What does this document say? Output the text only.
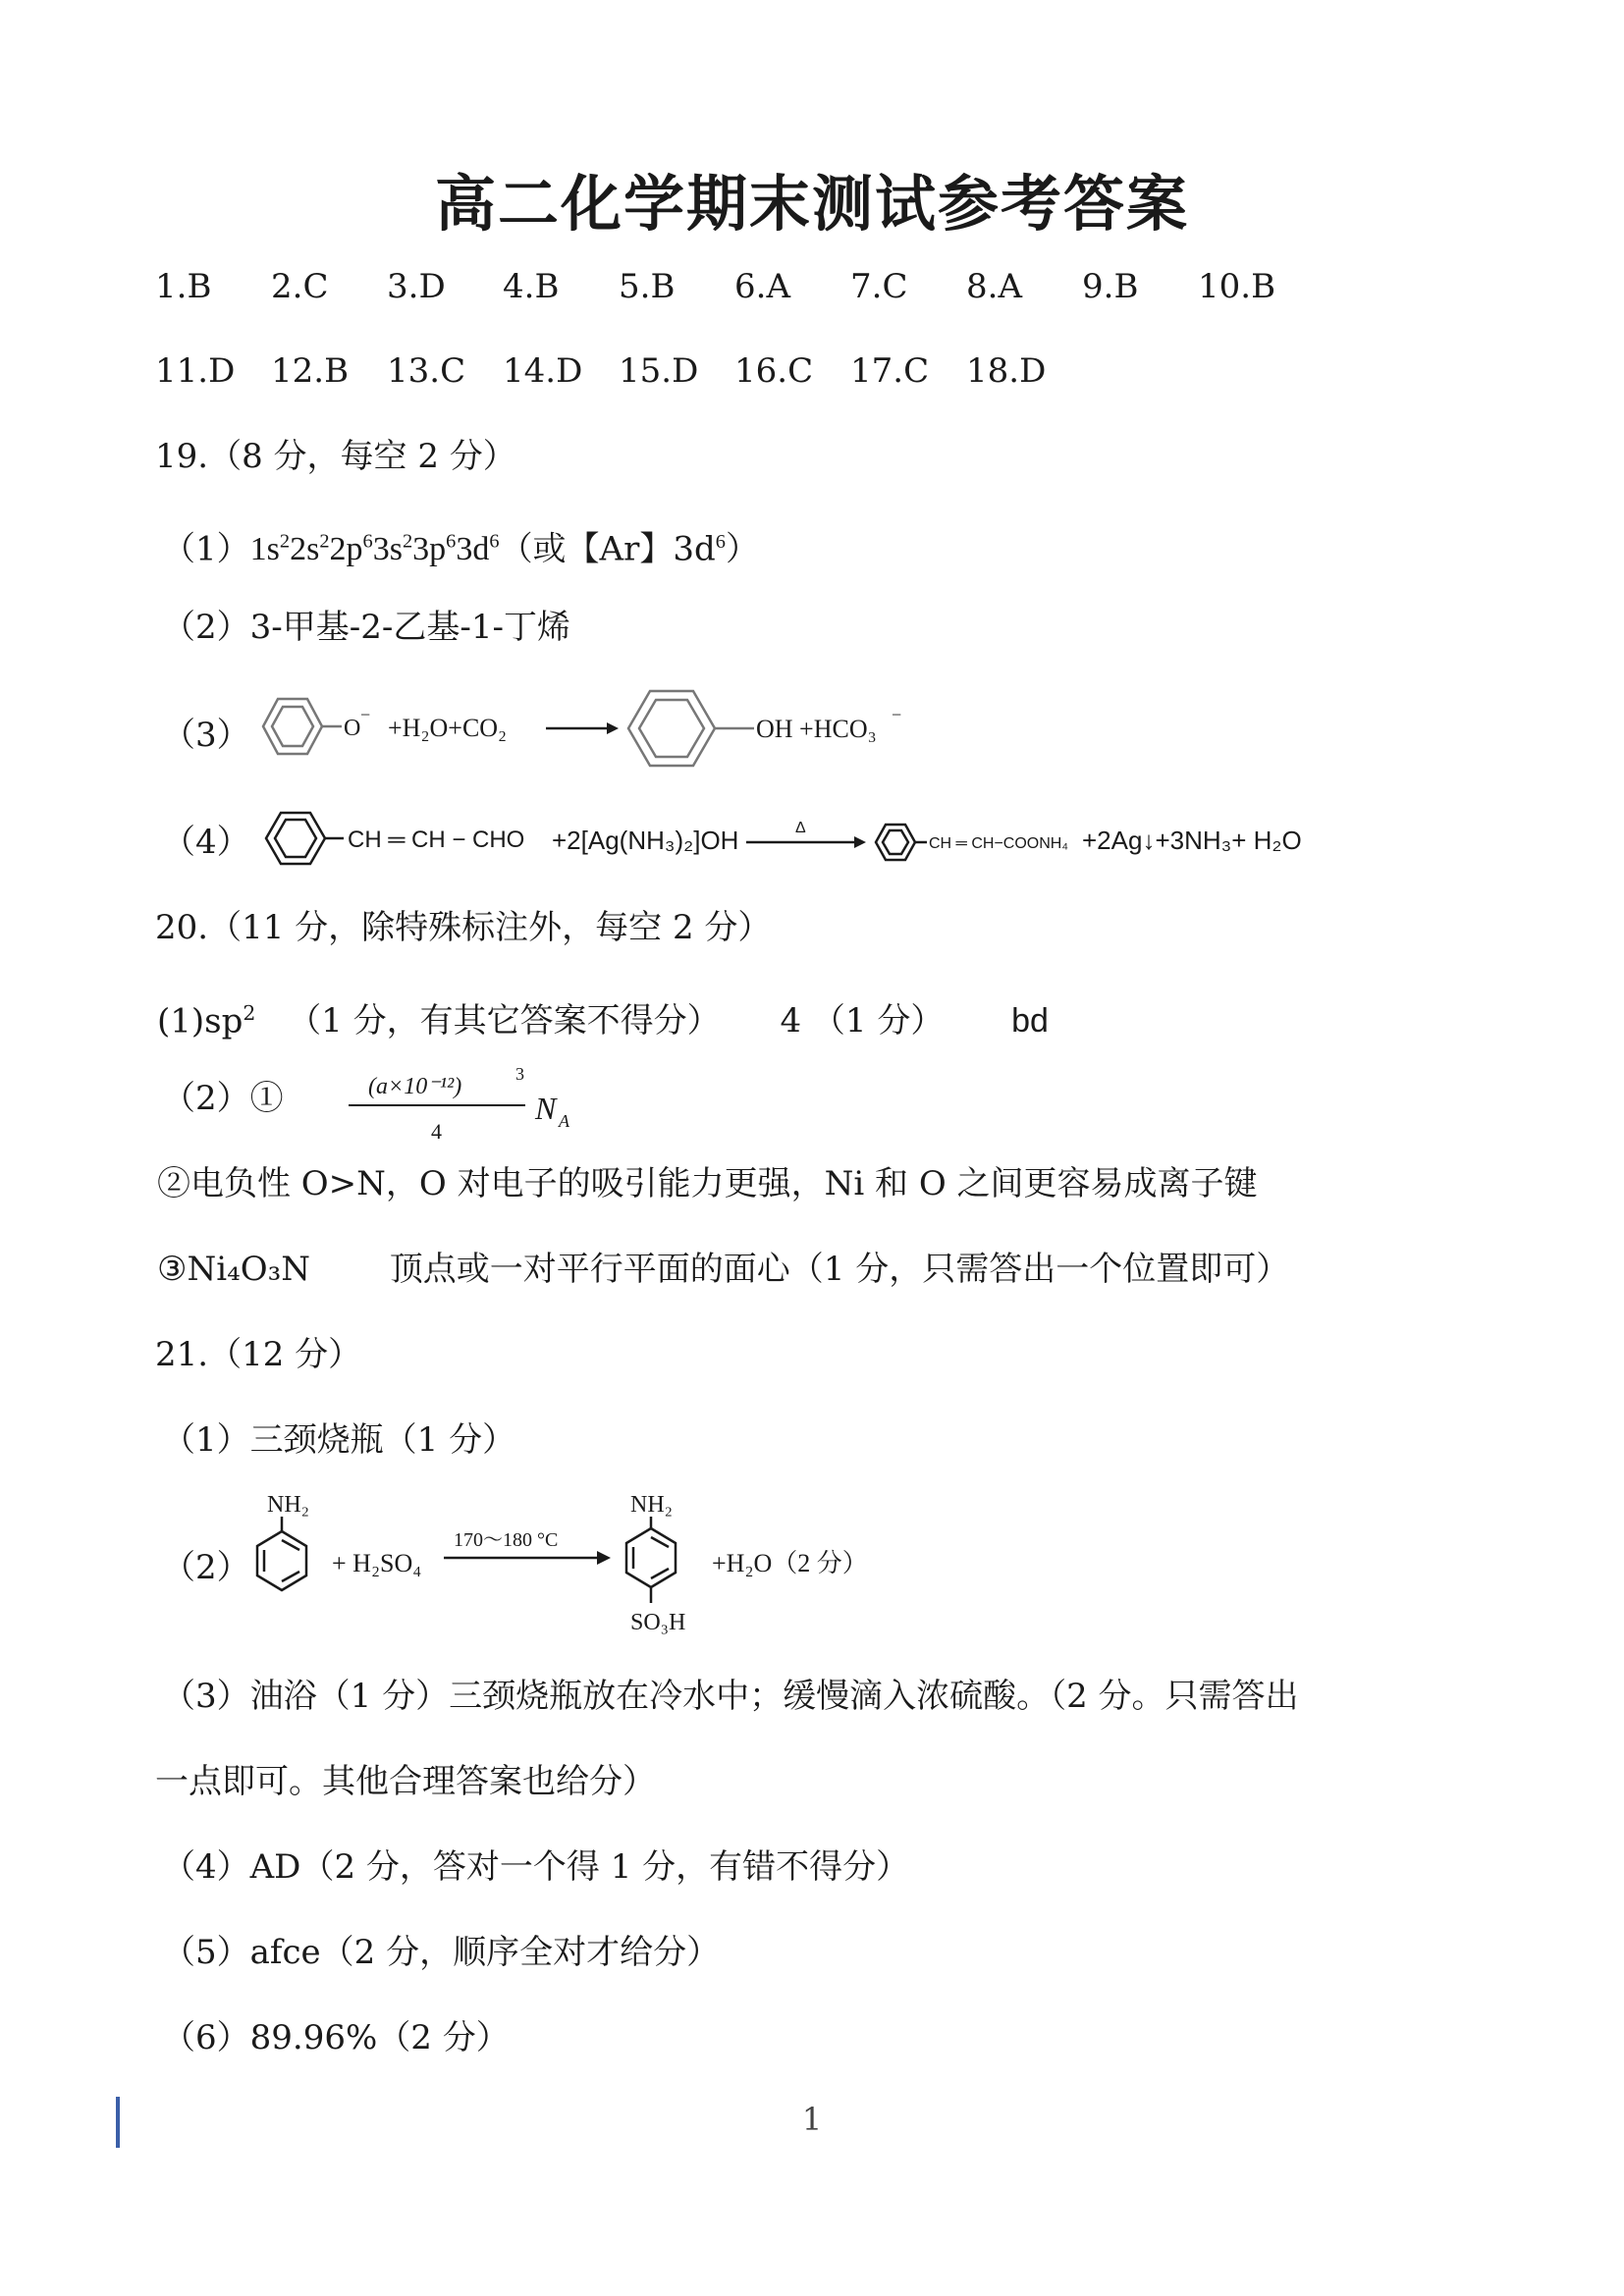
高二化学期末测试参考答案
1.B 2.C 3.D 4.B 5.B 6.A 7.C 8.A 9.B 10.B
11.D 12.B 13.C 14.D 15.D 16.C 17.C 18.D
19.（8 分，每空 2 分）
$(1)1s^22s^22p^63s^23p^63d^6$（或【Ar】$3d^6$）
（2）3-甲基-2-乙基-1-丁烯
（3）	O
− +H₂O+CO₂	OH +HCO₃ −
（4）	CH ═ CH − CHO +2[Ag(NH₃)₂]OH	Δ
CH ═ CH−COONH₄ +2Ag↓+3NH₃+ H₂O
20.（11 分，除特殊标注外，每空 2 分）
$(1)sp^2$ （1 分，有其它答案不得分） 4 （1 分） bd
（2）①	(a×10⁻¹²)	3
4
N A
②电负性 O>N，O 对电子的吸引能力更强，Ni 和 O 之间更容易成离子键
③Ni₄O₃N 顶点或一对平行平面的面心（1 分，只需答出一个位置即可）
21.（12 分）
（1）三颈烧瓶（1 分）
（2）
NH₂
+ H₂SO₄
170～180 °C
NH₂
SO₃H
+H₂O（2 分）
（3）油浴（1 分）三颈烧瓶放在冷水中；缓慢滴入浓硫酸。（2 分。只需答出
一点即可。其他合理答案也给分）
（4）AD（2 分，答对一个得 1 分，有错不得分）
（5）afce（2 分，顺序全对才给分）
（6）89.96%（2 分）
1
